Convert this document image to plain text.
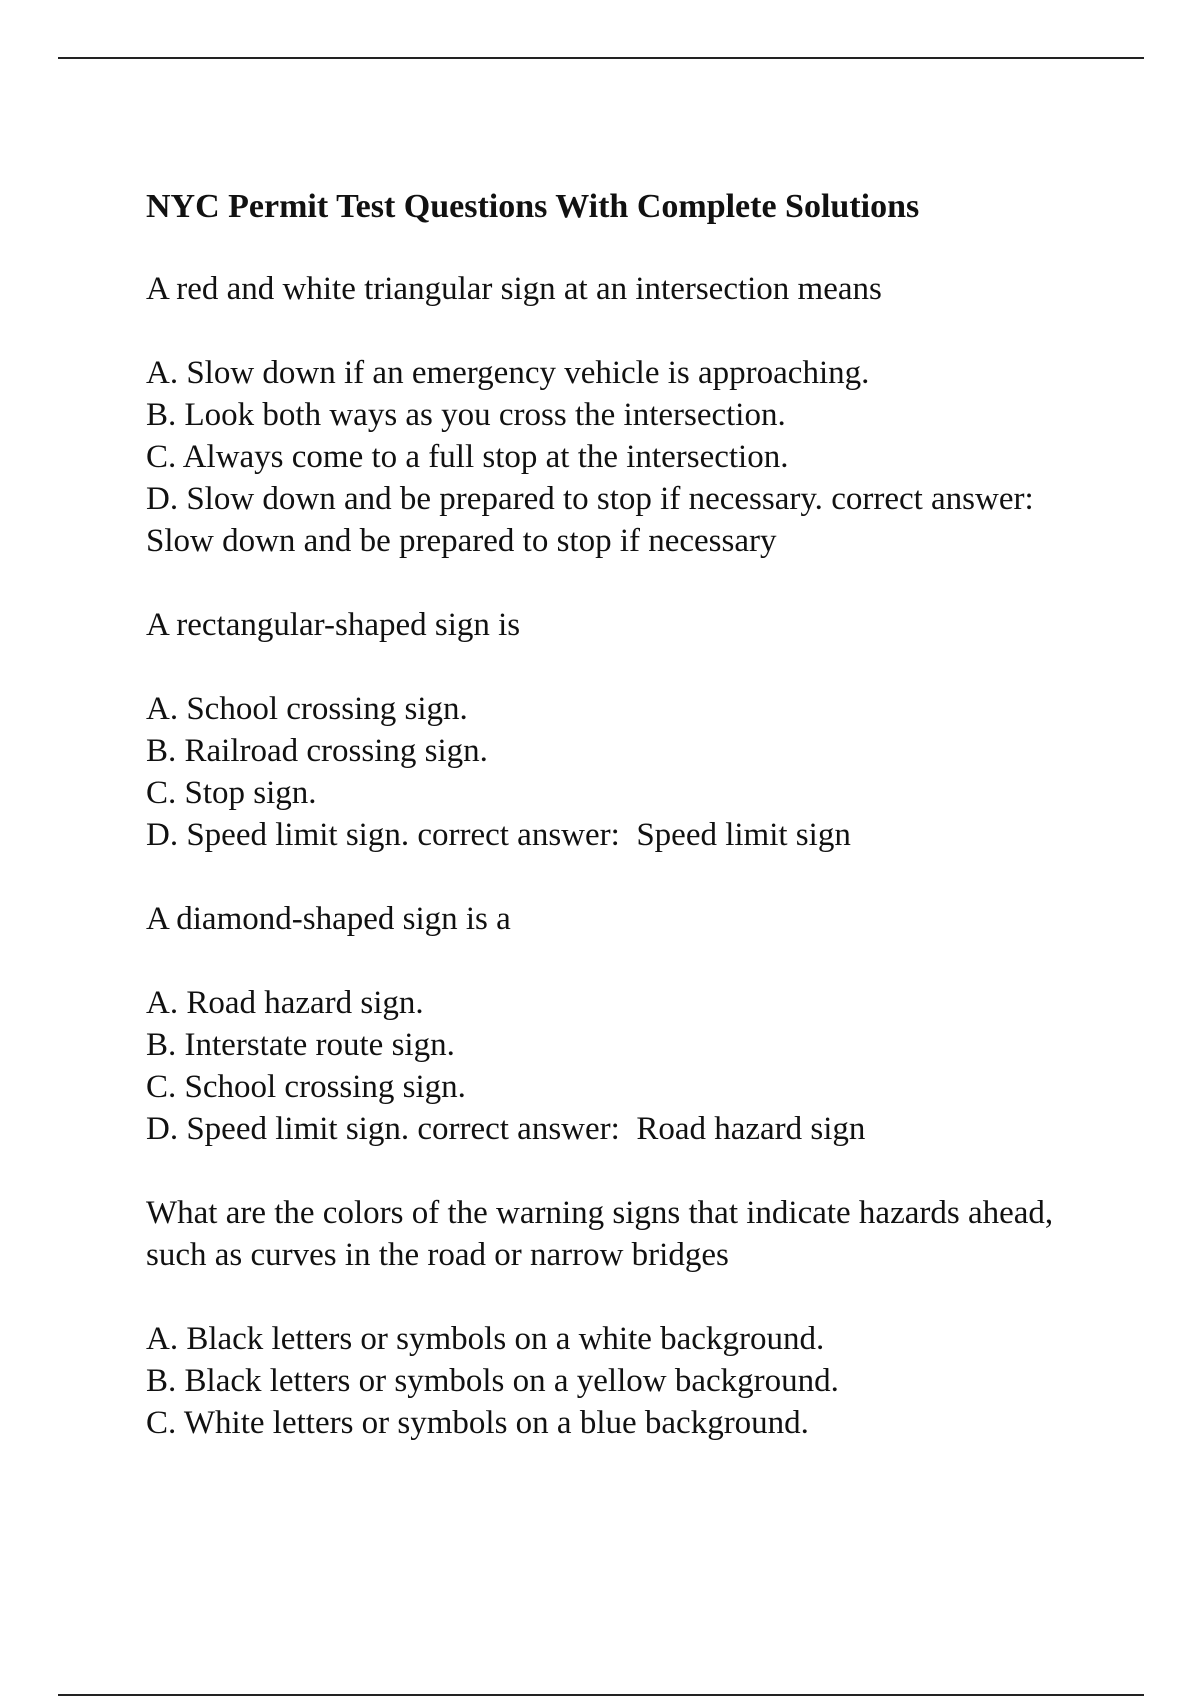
NYC Permit Test Questions With Complete Solutions
A red and white triangular sign at an intersection means
A. Slow down if an emergency vehicle is approaching.
B. Look both ways as you cross the intersection.
C. Always come to a full stop at the intersection.
D. Slow down and be prepared to stop if necessary. correct answer:  Slow down and be prepared to stop if necessary
A rectangular-shaped sign is
A. School crossing sign.
B. Railroad crossing sign.
C. Stop sign.
D. Speed limit sign. correct answer: Speed limit sign
A diamond-shaped sign is a
A. Road hazard sign.
B. Interstate route sign.
C. School crossing sign.
D. Speed limit sign. correct answer: Road hazard sign
What are the colors of the warning signs that indicate hazards ahead, such as curves in the road or narrow bridges
A. Black letters or symbols on a white background.
B. Black letters or symbols on a yellow background.
C. White letters or symbols on a blue background.
